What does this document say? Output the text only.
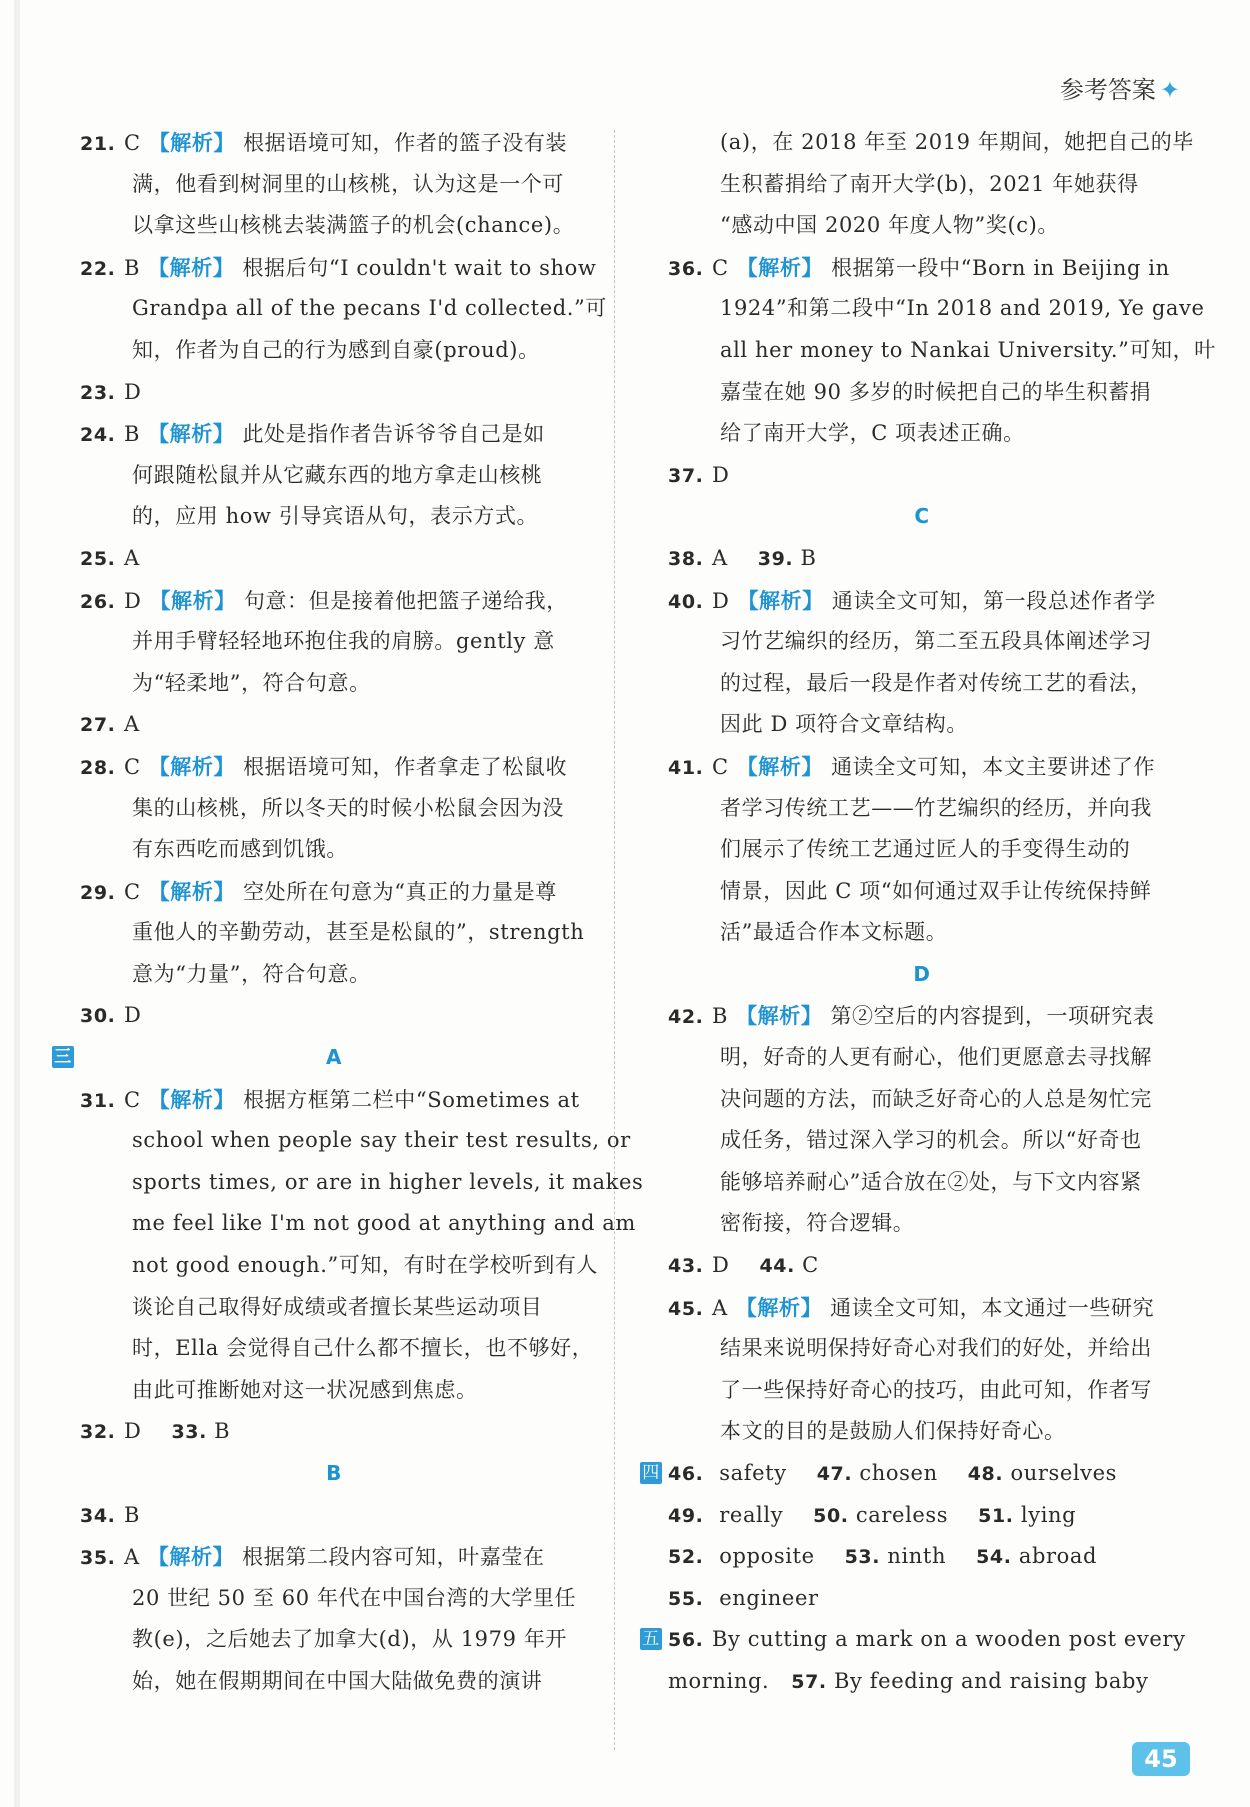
参考答案 ✦
21. C 【解析】 根据语境可知，作者的篮子没有装
满，他看到树洞里的山核桃，认为这是一个可
以拿这些山核桃去装满篮子的机会(chance)。
22. B 【解析】 根据后句“I couldn't wait to show
Grandpa all of the pecans I'd collected.”可
知，作者为自己的行为感到自豪(proud)。
23. D
24. B 【解析】 此处是指作者告诉爷爷自己是如
何跟随松鼠并从它藏东西的地方拿走山核桃
的，应用 how 引导宾语从句，表示方式。
25. A
26. D 【解析】 句意：但是接着他把篮子递给我，
并用手臂轻轻地环抱住我的肩膀。gently 意
为“轻柔地”，符合句意。
27. A
28. C 【解析】 根据语境可知，作者拿走了松鼠收
集的山核桃，所以冬天的时候小松鼠会因为没
有东西吃而感到饥饿。
29. C 【解析】 空处所在句意为“真正的力量是尊
重他人的辛勤劳动，甚至是松鼠的”，strength
意为“力量”，符合句意。
30. D
三	A
31. C 【解析】 根据方框第二栏中“Sometimes at
school when people say their test results, or
sports times, or are in higher levels, it makes
me feel like I'm not good at anything and am
not good enough.”可知，有时在学校听到有人
谈论自己取得好成绩或者擅长某些运动项目
时，Ella 会觉得自己什么都不擅长，也不够好，
由此可推断她对这一状况感到焦虑。
32. D 33. B
B
34. B
35. A 【解析】 根据第二段内容可知，叶嘉莹在
20 世纪 50 至 60 年代在中国台湾的大学里任
教(e)，之后她去了加拿大(d)，从 1979 年开
始，她在假期期间在中国大陆做免费的演讲
(a)，在 2018 年至 2019 年期间，她把自己的毕
生积蓄捐给了南开大学(b)，2021 年她获得
“感动中国 2020 年度人物”奖(c)。
36. C 【解析】 根据第一段中“Born in Beijing in
1924”和第二段中“In 2018 and 2019, Ye gave
all her money to Nankai University.”可知，叶
嘉莹在她 90 多岁的时候把自己的毕生积蓄捐
给了南开大学，C 项表述正确。
37. D
C
38. A 39. B
40. D 【解析】 通读全文可知，第一段总述作者学
习竹艺编织的经历，第二至五段具体阐述学习
的过程，最后一段是作者对传统工艺的看法，
因此 D 项符合文章结构。
41. C 【解析】 通读全文可知，本文主要讲述了作
者学习传统工艺——竹艺编织的经历，并向我
们展示了传统工艺通过匠人的手变得生动的
情景，因此 C 项“如何通过双手让传统保持鲜
活”最适合作本文标题。
D
42. B 【解析】 第②空后的内容提到，一项研究表
明，好奇的人更有耐心，他们更愿意去寻找解
决问题的方法，而缺乏好奇心的人总是匆忙完
成任务，错过深入学习的机会。所以“好奇也
能够培养耐心”适合放在②处，与下文内容紧
密衔接，符合逻辑。
43. D 44. C
45. A 【解析】 通读全文可知，本文通过一些研究
结果来说明保持好奇心对我们的好处，并给出
了一些保持好奇心的技巧，由此可知，作者写
本文的目的是鼓励人们保持好奇心。
四 46. safety 47. chosen 48. ourselves
49. really 50. careless 51. lying
52. opposite 53. ninth 54. abroad
55. engineer
五 56. By cutting a mark on a wooden post every
morning. 57. By feeding and raising baby
45
